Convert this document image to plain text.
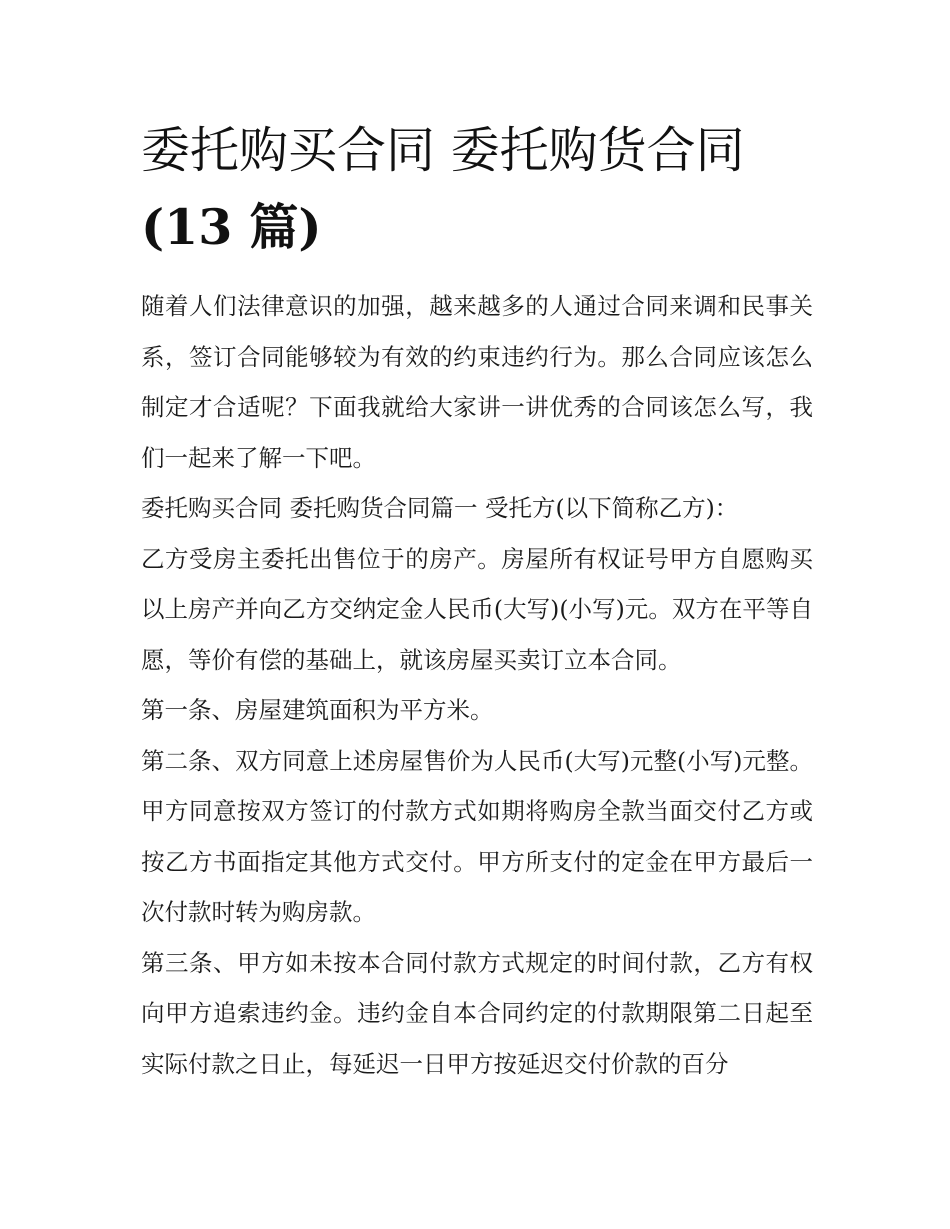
委托购买合同 委托购货合同
(13 篇)

随着人们法律意识的加强，越来越多的人通过合同来调和民事关系，签订合同能够较为有效的约束违约行为。那么合同应该怎么制定才合适呢？下面我就给大家讲一讲优秀的合同该怎么写，我们一起来了解一下吧。

委托购买合同 委托购货合同篇一 受托方(以下简称乙方)：

乙方受房主委托出售位于的房产。房屋所有权证号甲方自愿购买以上房产并向乙方交纳定金人民币(大写)(小写)元。双方在平等自愿，等价有偿的基础上，就该房屋买卖订立本合同。

第一条、房屋建筑面积为平方米。

第二条、双方同意上述房屋售价为人民币(大写)元整(小写)元整。甲方同意按双方签订的付款方式如期将购房全款当面交付乙方或按乙方书面指定其他方式交付。甲方所支付的定金在甲方最后一次付款时转为购房款。

第三条、甲方如未按本合同付款方式规定的时间付款，乙方有权向甲方追索违约金。违约金自本合同约定的付款期限第二日起至实际付款之日止，每延迟一日甲方按延迟交付价款的百分
